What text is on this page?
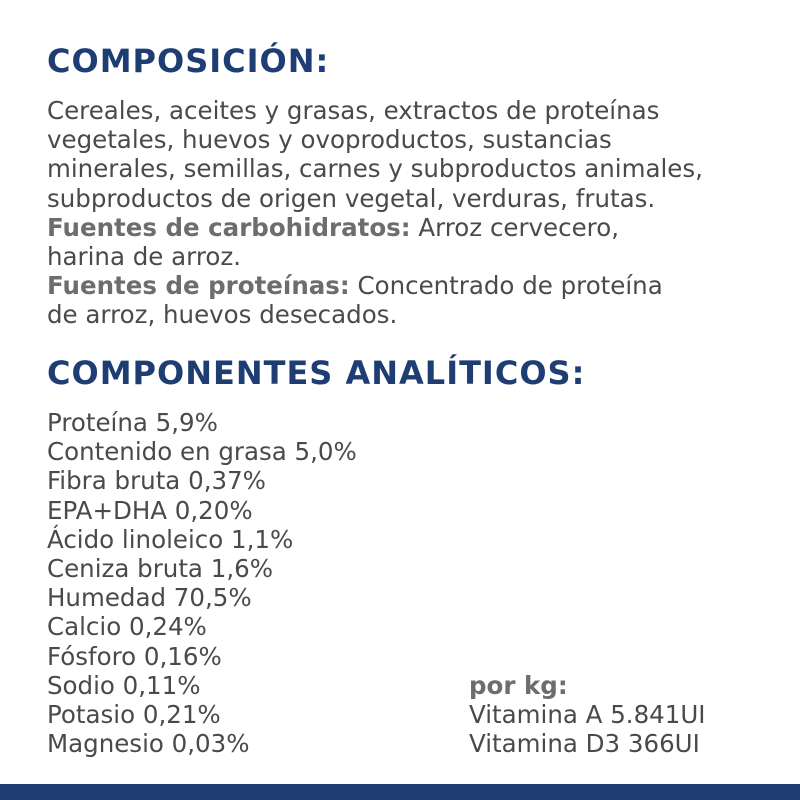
COMPOSICIÓN:
Cereales, aceites y grasas, extractos de proteínas
vegetales, huevos y ovoproductos, sustancias
minerales, semillas, carnes y subproductos animales,
subproductos de origen vegetal, verduras, frutas.
Fuentes de carbohidratos: Arroz cervecero,
harina de arroz.
Fuentes de proteínas: Concentrado de proteína
de arroz, huevos desecados.
COMPONENTES ANALÍTICOS:
Proteína 5,9%
Contenido en grasa 5,0%
Fibra bruta 0,37%
EPA+DHA 0,20%
Ácido linoleico 1,1%
Ceniza bruta 1,6%
Humedad 70,5%
Calcio 0,24%
Fósforo 0,16%
Sodio 0,11%
Potasio 0,21%
Magnesio 0,03%
por kg:
Vitamina A 5.841UI
Vitamina D3 366UI
